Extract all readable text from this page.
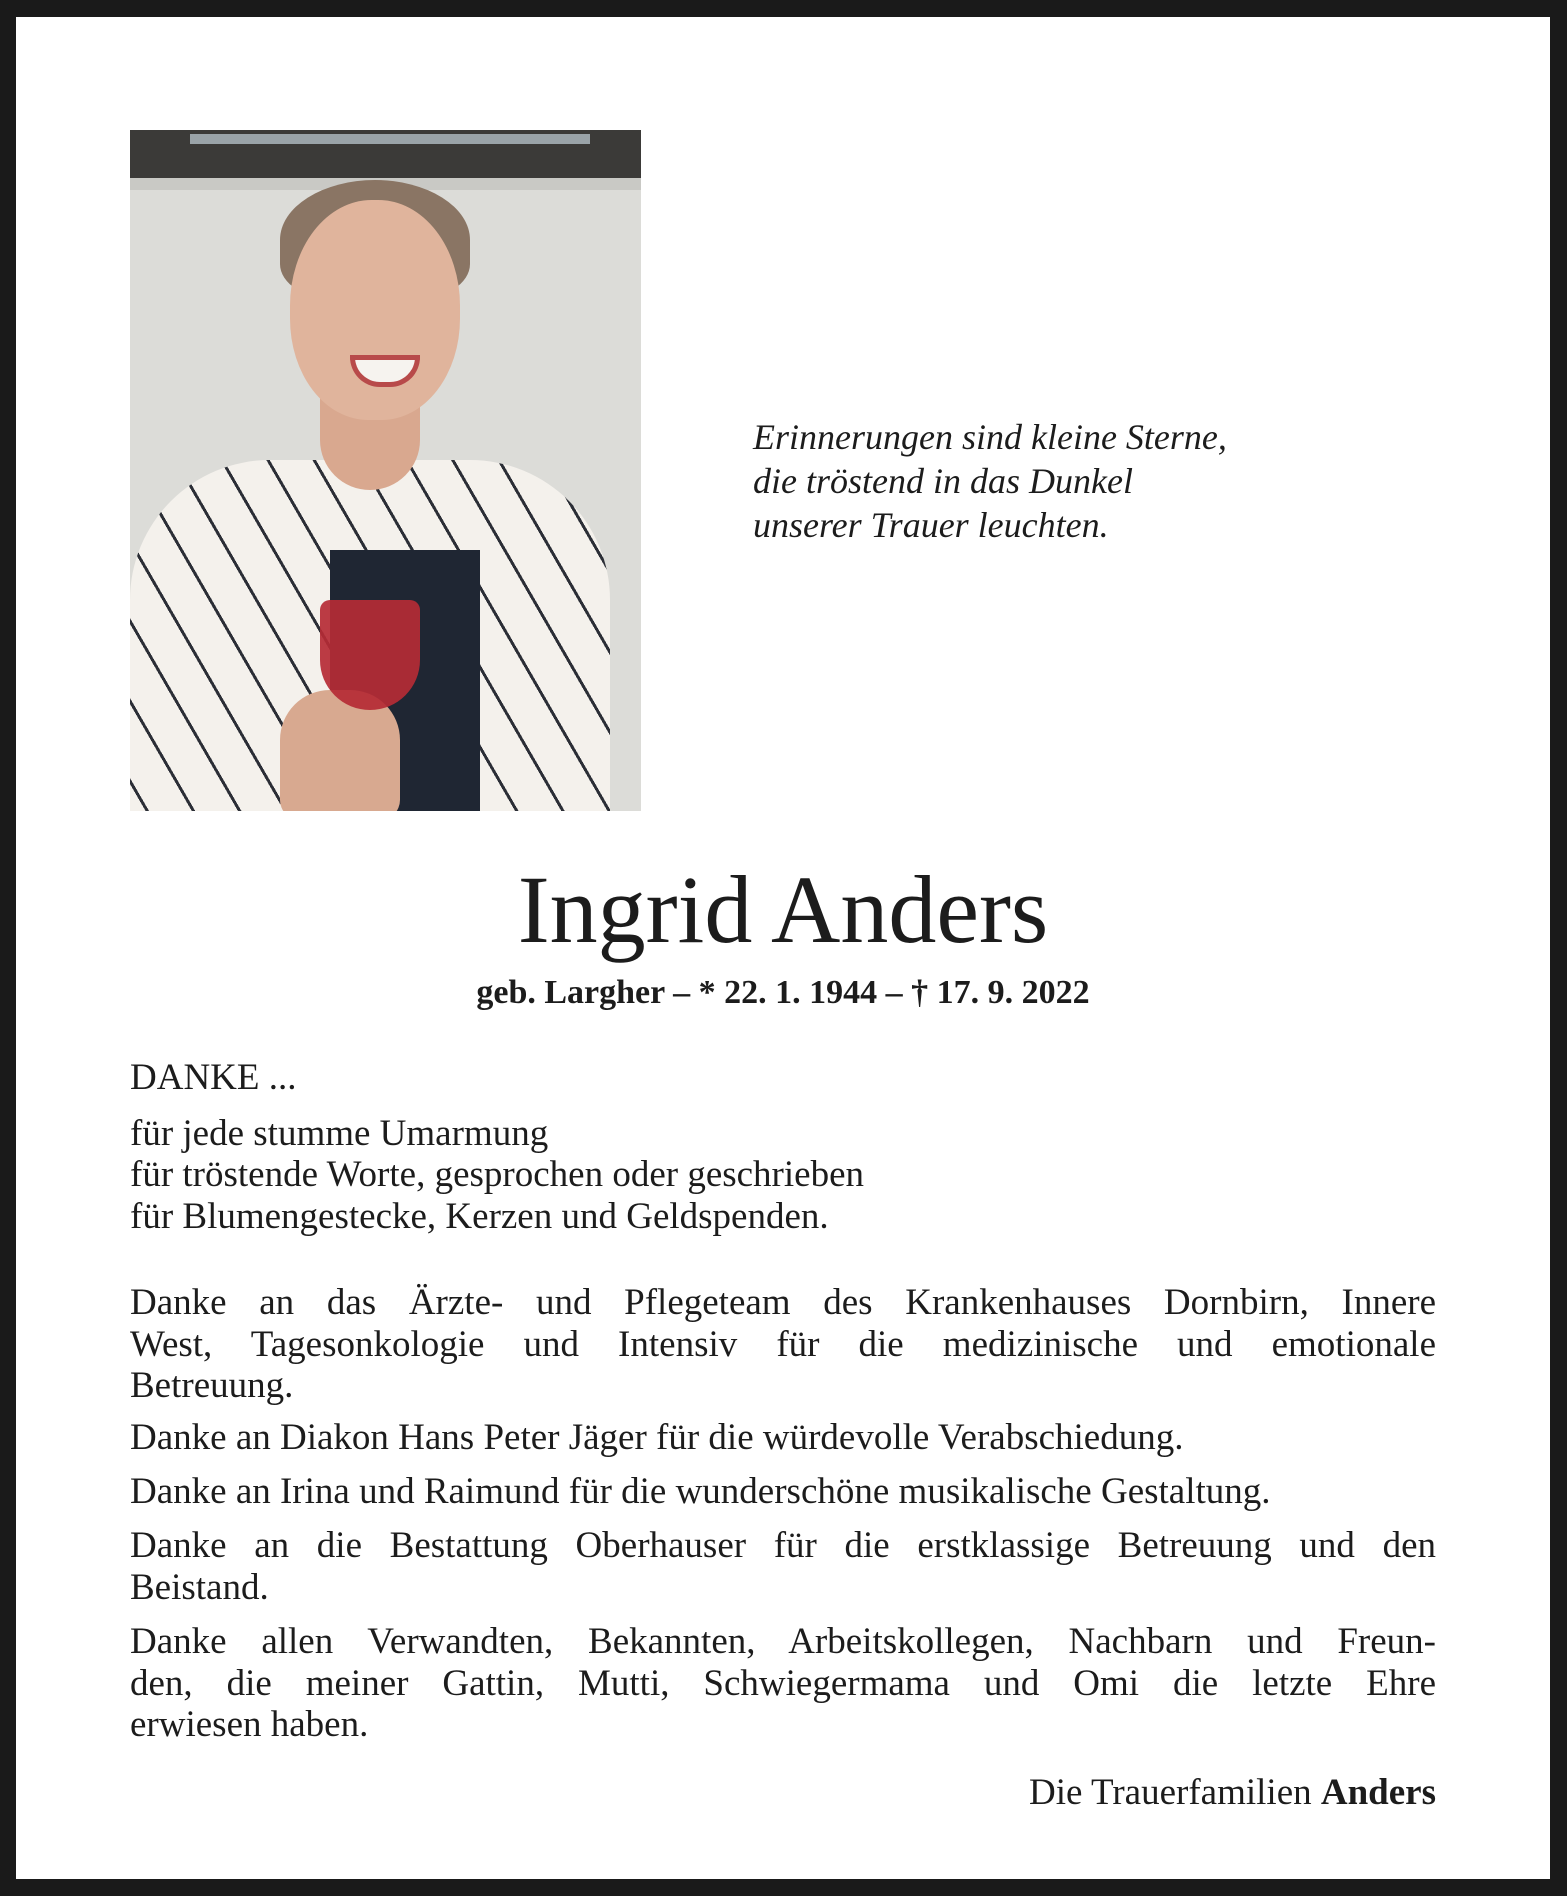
Erinnerungen sind kleine Sterne,
die tröstend in das Dunkel
unserer Trauer leuchten.
Ingrid Anders
geb. Largher – * 22. 1. 1944 – † 17. 9. 2022
DANKE ...
für jede stumme Umarmung
für tröstende Worte, gesprochen oder geschrieben
für Blumengestecke, Kerzen und Geldspenden.
Danke an das Ärzte- und Pflegeteam des Krankenhauses Dornbirn, Innere
West, Tagesonkologie und Intensiv für die medizinische und emotionale
Betreuung.
Danke an Diakon Hans Peter Jäger für die würdevolle Verabschiedung.
Danke an Irina und Raimund für die wunderschöne musikalische Gestaltung.
Danke an die Bestattung Oberhauser für die erstklassige Betreuung und den
Beistand.
Danke allen Verwandten, Bekannten, Arbeitskollegen, Nachbarn und Freun-
den, die meiner Gattin, Mutti, Schwiegermama und Omi die letzte Ehre
erwiesen haben.
Die Trauerfamilien Anders
